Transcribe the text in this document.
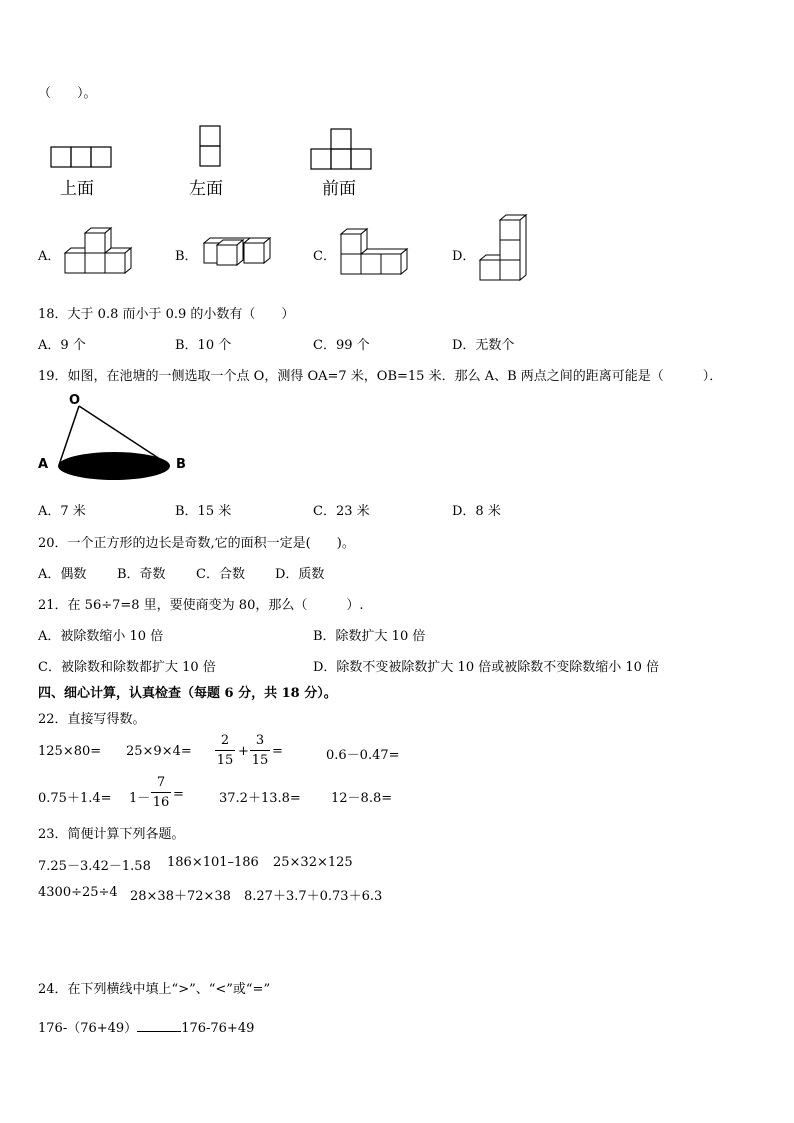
（　　）。
上面	左面	前面
A．	B．	C．	D．
18．大于 0.8 而小于 0.9 的小数有（　　）
A．9 个	B．10 个	C．99 个	D．无数个
19．如图，在池塘的一侧选取一个点 O，测得 OA=7 米，OB=15 米．那么 A、B 两点之间的距离可能是（　　　）．
O
A	B
A．7 米	B．15 米	C．23 米	D．8 米
20．一个正方形的边长是奇数,它的面积一定是(　　)。
A．偶数 B．奇数 C．合数 D．质数
21．在 56÷7=8 里，要使商变为 80，那么（　　　）.
A．被除数缩小 10 倍	B．除数扩大 10 倍
C．被除数和除数都扩大 10 倍	D．除数不变被除数扩大 10 倍或被除数不变除数缩小 10 倍
四、细心计算，认真检查（每题 6 分，共 18 分）。
22．直接写得数。
$125\times 80= 25\times 9\times 4= \frac{2}{15} + \frac{3}{15}$ =	0.6－0.47=
$0.75+1.4= 1- \frac{7}{16}$ =	37.2＋13.8= 12－8.8=
23．简便计算下列各题。
7.25－3.42－1.58 186×101–186 25×32×125
4300÷25÷4 28×38＋72×38 8.27＋3.7＋0.73＋6.3
24．在下列横线中填上“>”、“<”或“=”
176-（76+49）	176-76+49
